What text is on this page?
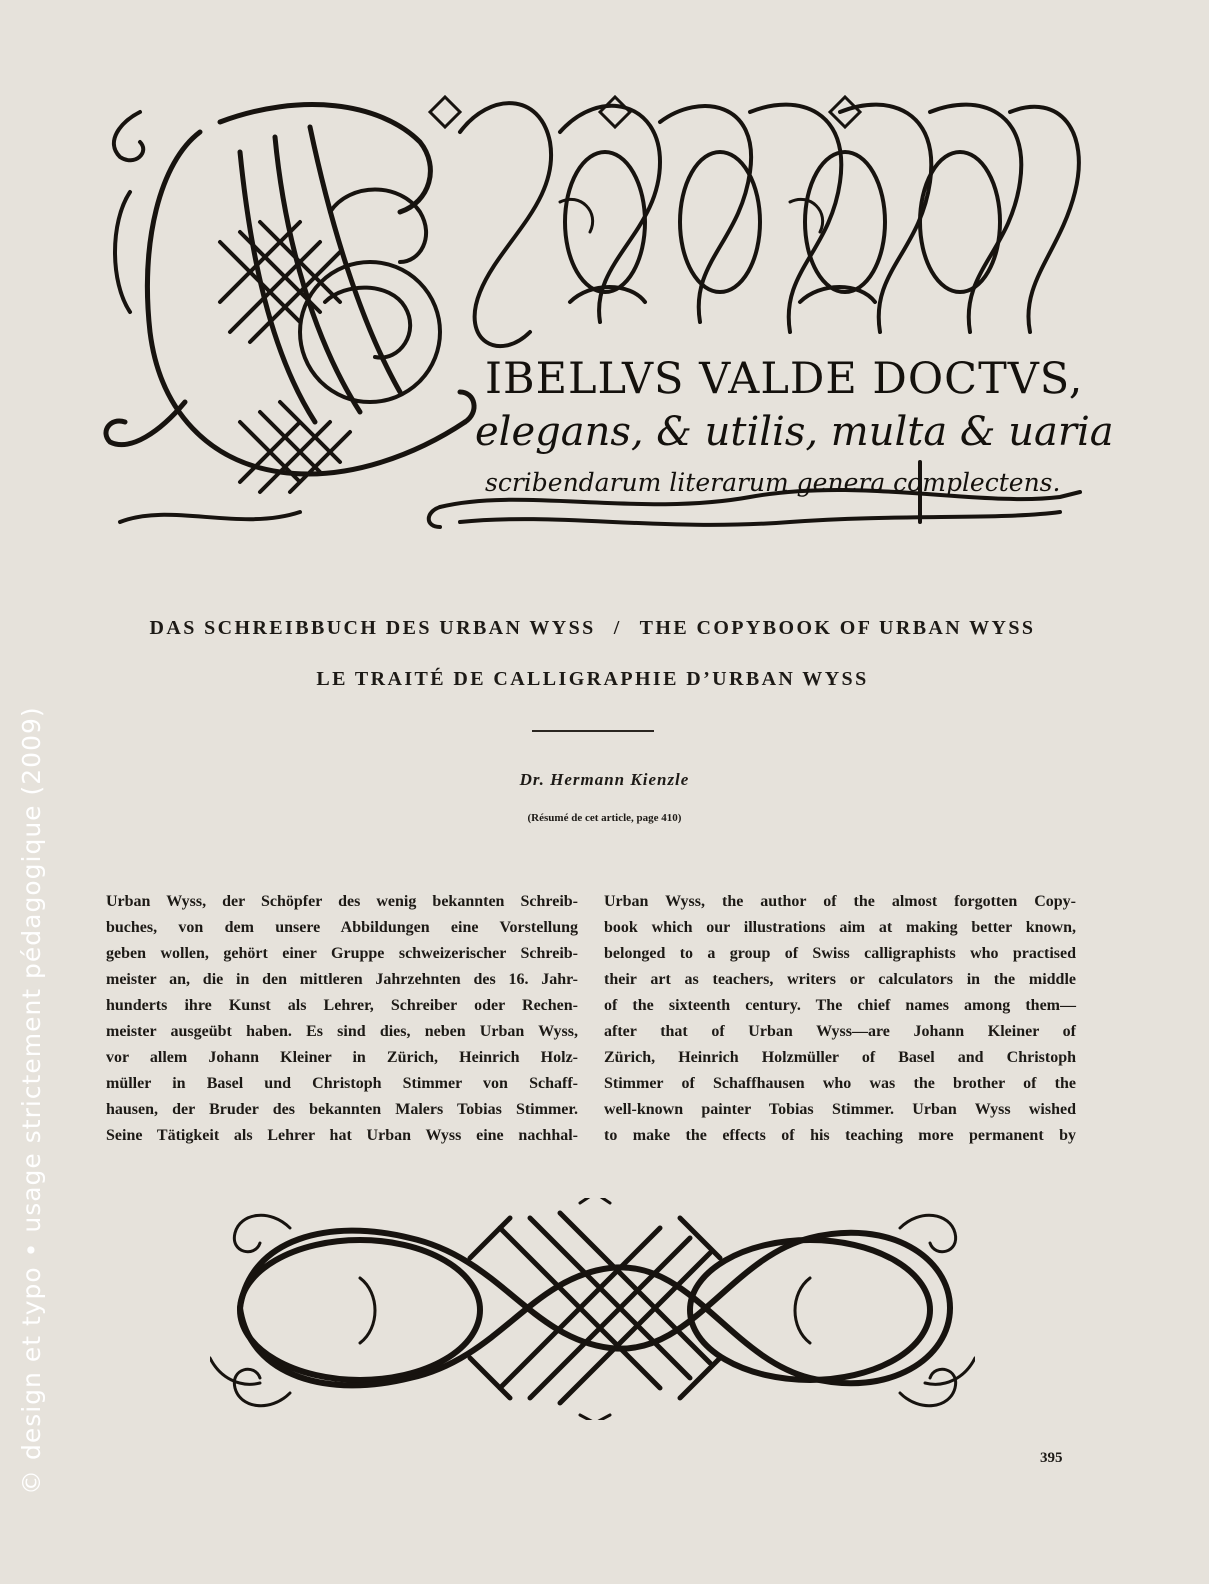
© design et typo • usage strictement pédagogique (2009)
IBELLVS VALDE DOCTVS,
elegans, & utilis, multa & uaria
scribendarum literarum genera complectens.
DAS SCHREIBBUCH DES URBAN WYSS / THE COPYBOOK OF URBAN WYSS
LE TRAITÉ DE CALLIGRAPHIE D’URBAN WYSS
Dr. Hermann Kienzle
(Résumé de cet article, page 410)
Urban Wyss, der Schöpfer des wenig bekannten Schreib-
buches, von dem unsere Abbildungen eine Vorstellung
geben wollen, gehört einer Gruppe schweizerischer Schreib-
meister an, die in den mittleren Jahrzehnten des 16. Jahr-
hunderts ihre Kunst als Lehrer, Schreiber oder Rechen-
meister ausgeübt haben. Es sind dies, neben Urban Wyss,
vor allem Johann Kleiner in Zürich, Heinrich Holz-
müller in Basel und Christoph Stimmer von Schaff-
hausen, der Bruder des bekannten Malers Tobias Stimmer.
Seine Tätigkeit als Lehrer hat Urban Wyss eine nachhal-
Urban Wyss, the author of the almost forgotten Copy-
book which our illustrations aim at making better known,
belonged to a group of Swiss calligraphists who practised
their art as teachers, writers or calculators in the middle
of the sixteenth century. The chief names among them—
after that of Urban Wyss—are Johann Kleiner of
Zürich, Heinrich Holzmüller of Basel and Christoph
Stimmer of Schaffhausen who was the brother of the
well-known painter Tobias Stimmer. Urban Wyss wished
to make the effects of his teaching more permanent by
395
